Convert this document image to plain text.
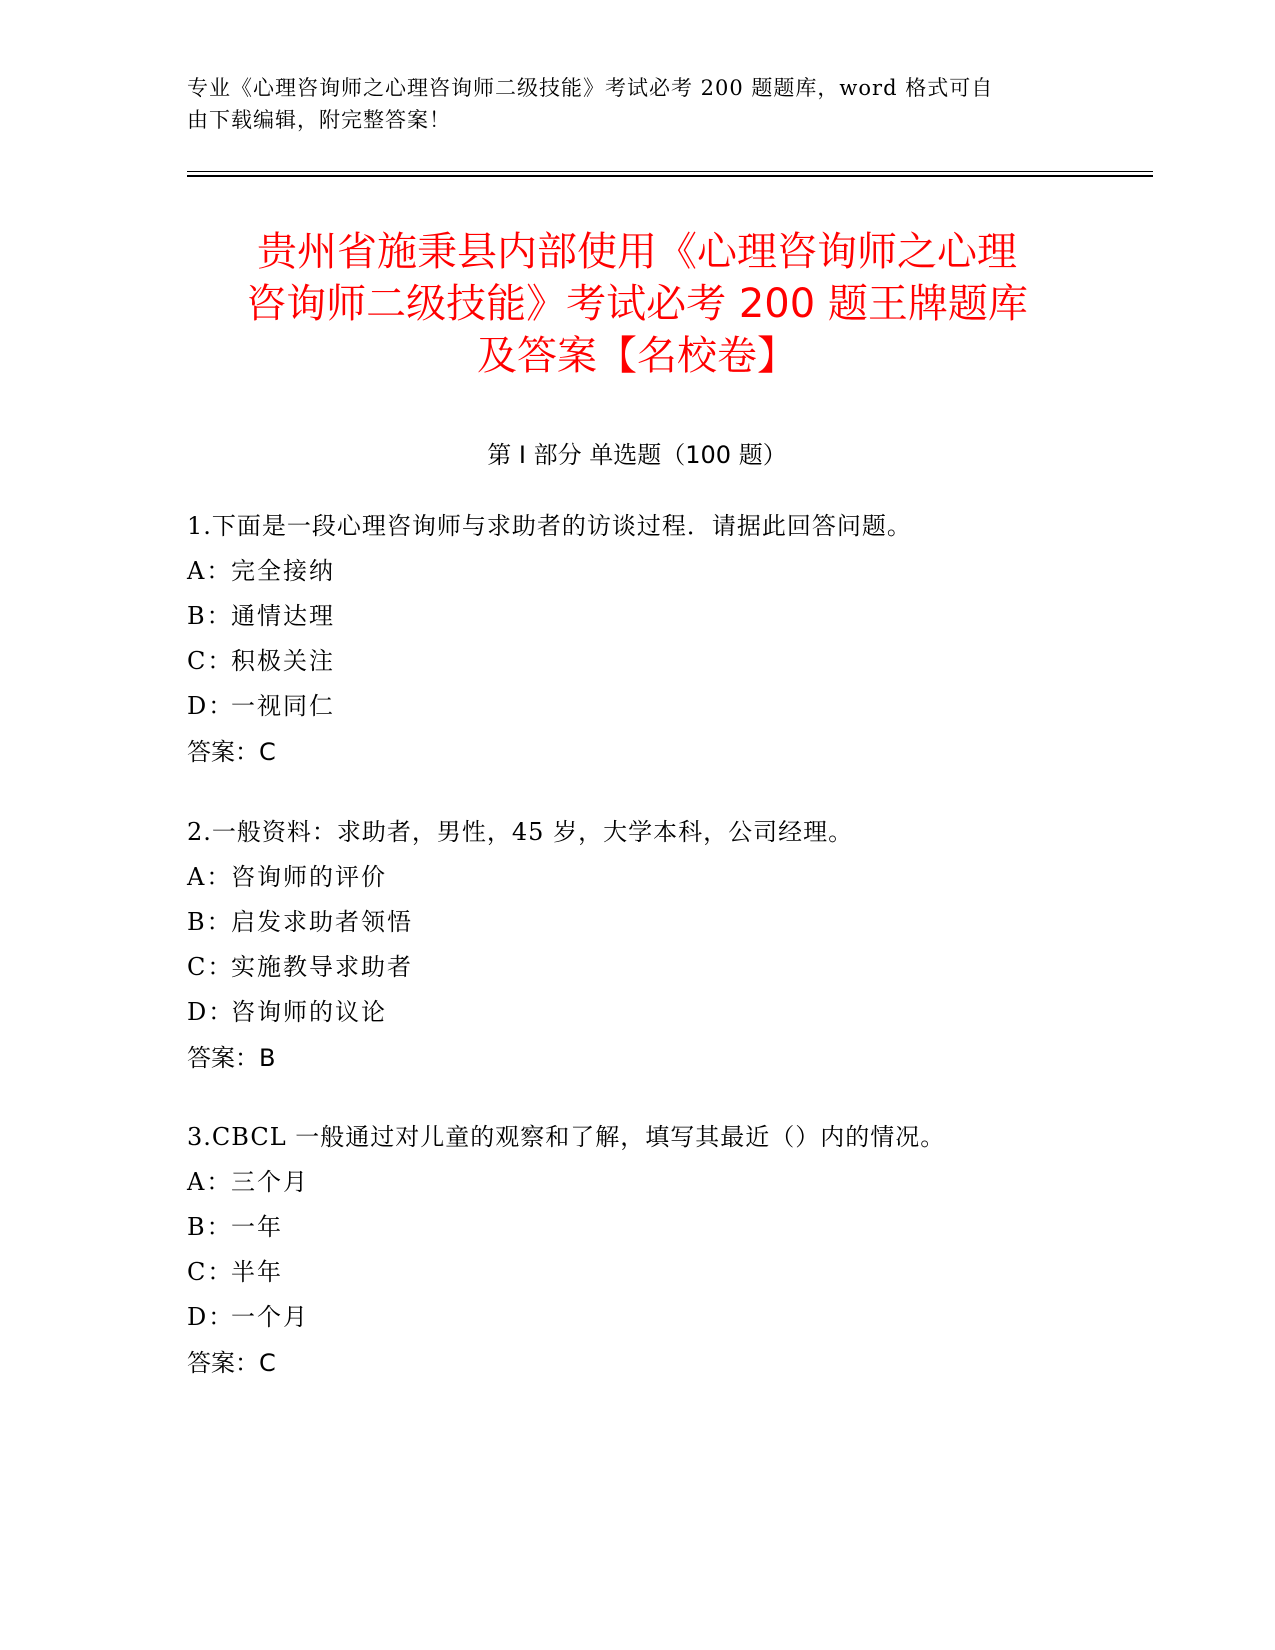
专业《心理咨询师之心理咨询师二级技能》考试必考 200 题题库，word 格式可自
由下载编辑，附完整答案！
贵州省施秉县内部使用《心理咨询师之心理
咨询师二级技能》考试必考 200 题王牌题库
及答案【名校卷】
第 I 部分 单选题（100 题）
1.下面是一段心理咨询师与求助者的访谈过程．请据此回答问题。
A：完全接纳
B：通情达理
C：积极关注
D：一视同仁
答案：C
2.一般资料：求助者，男性，45 岁，大学本科，公司经理。
A：咨询师的评价
B：启发求助者领悟
C：实施教导求助者
D：咨询师的议论
答案：B
3.CBCL 一般通过对儿童的观察和了解，填写其最近（）内的情况。
A：三个月
B：一年
C：半年
D：一个月
答案：C
